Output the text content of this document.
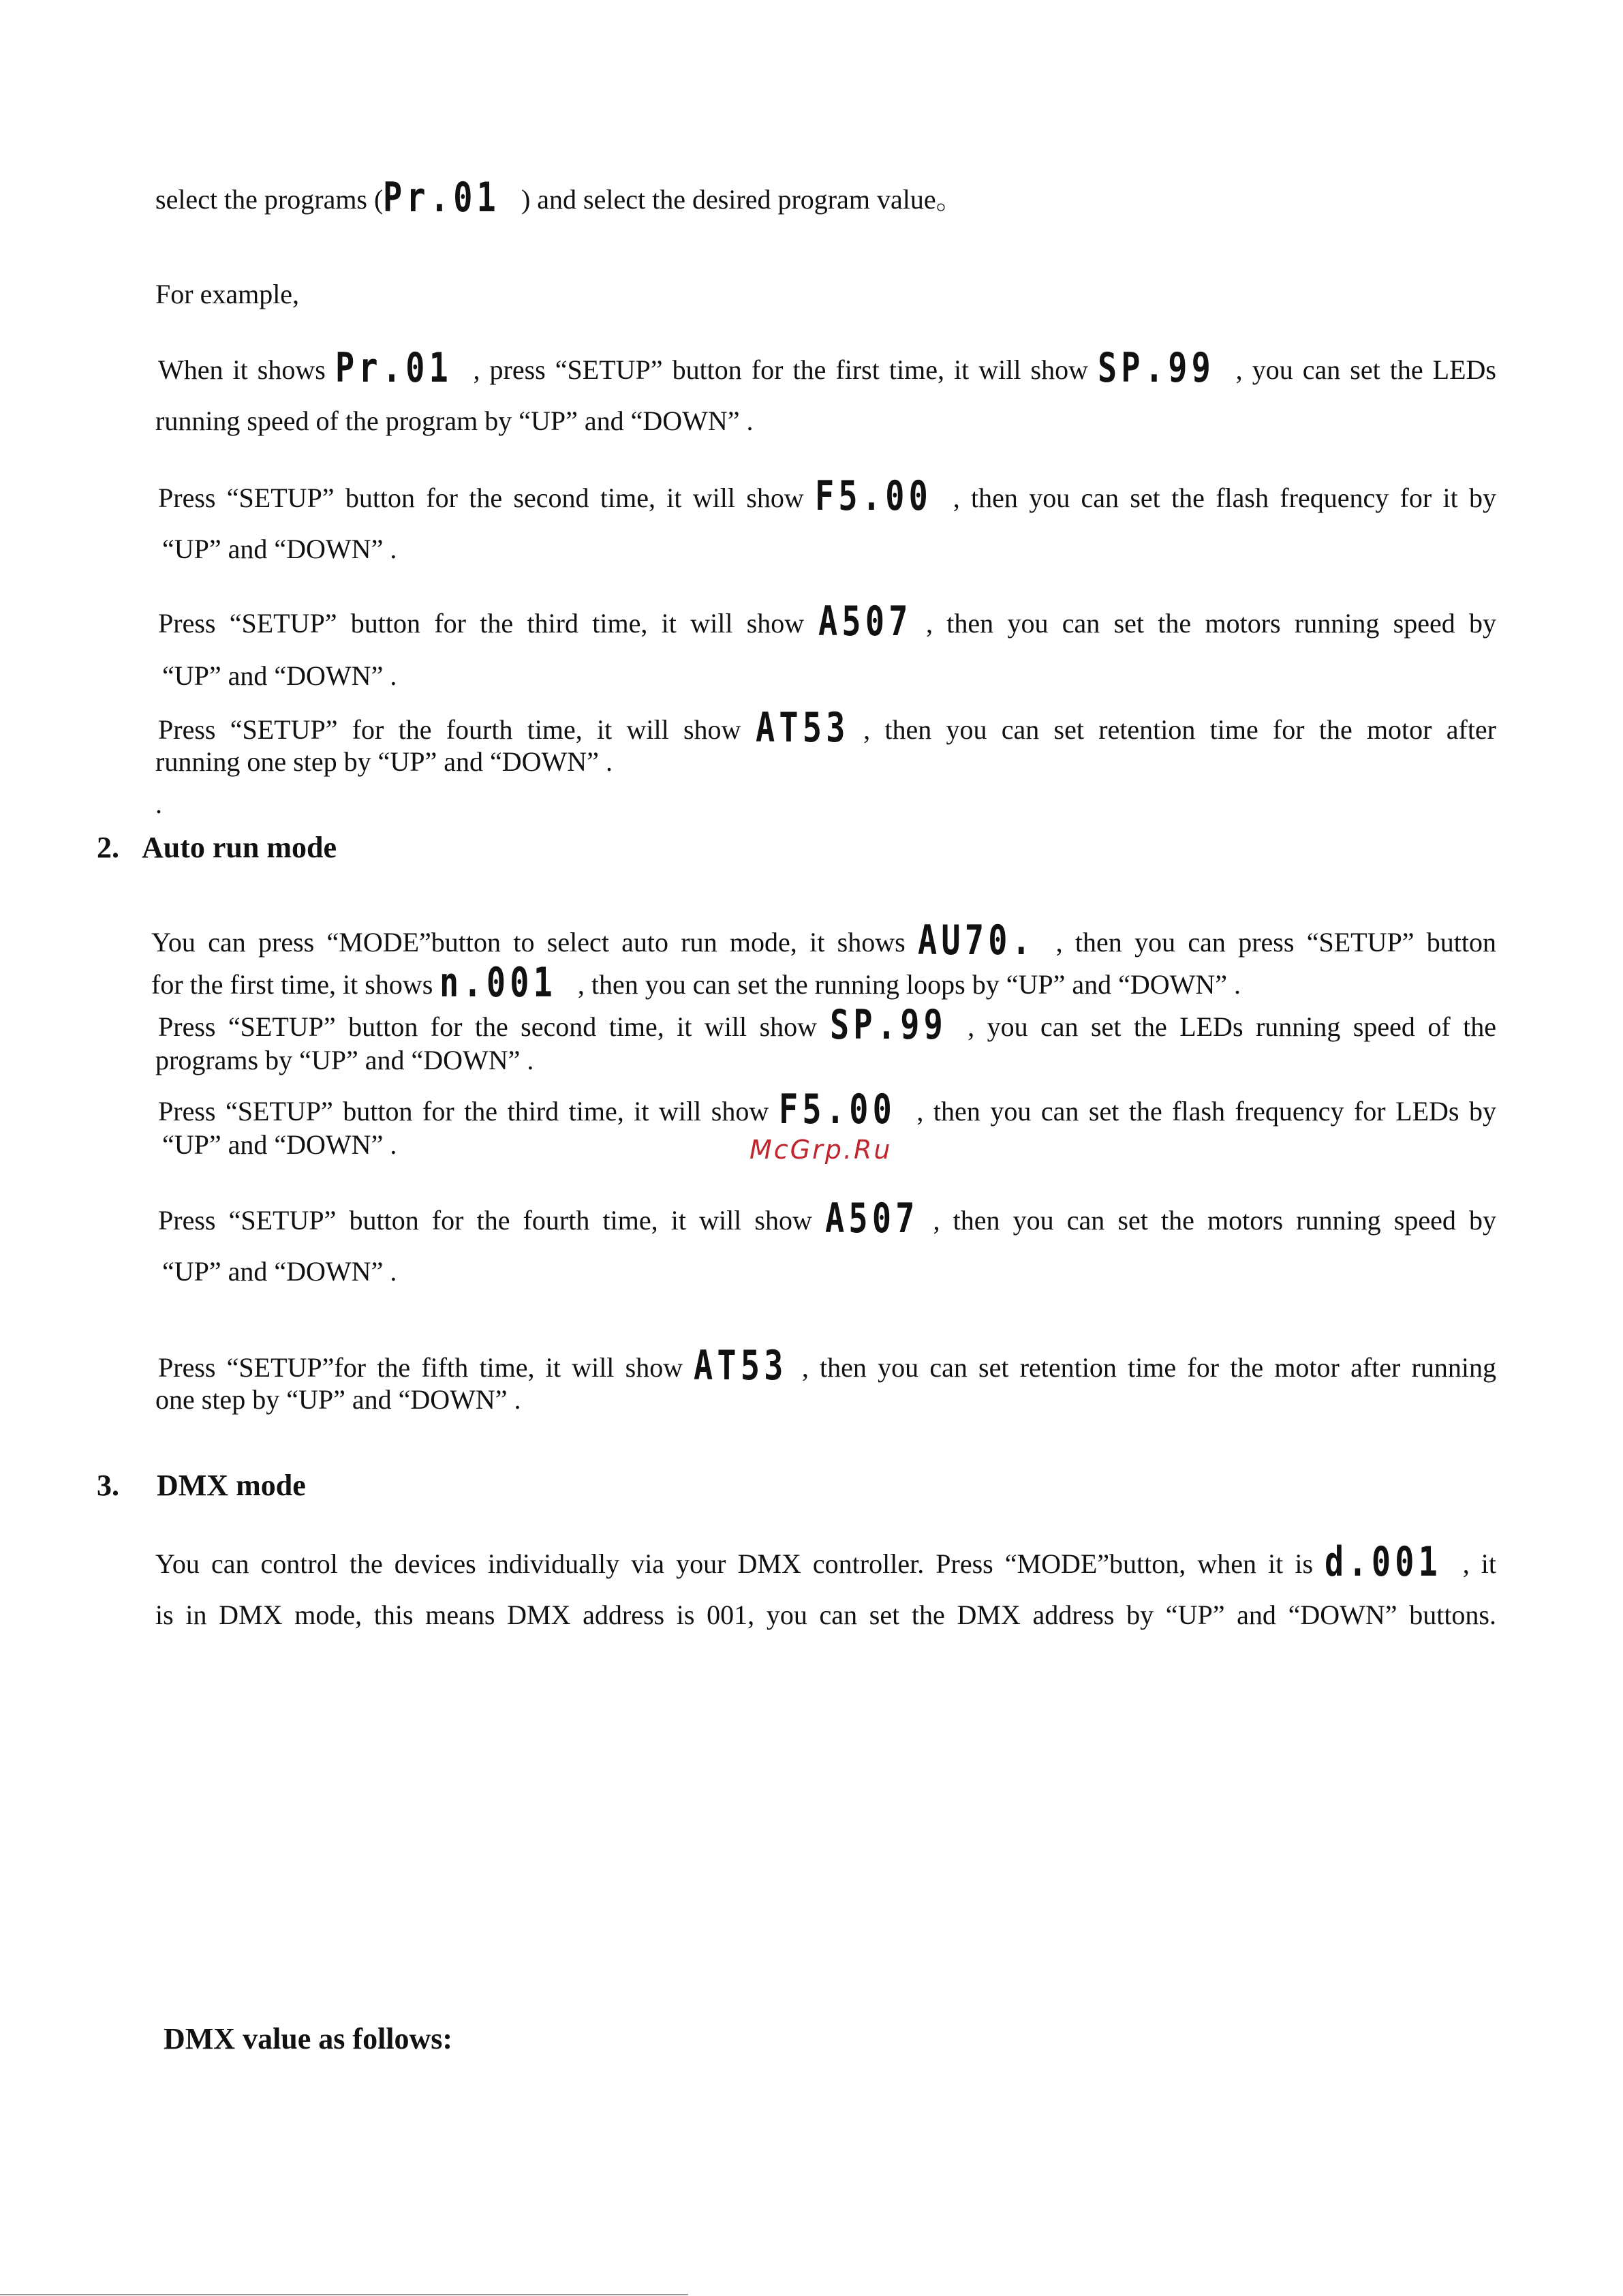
select the programs (Pr.01 ) and select the desired program value。
For example,
When it shows Pr.01 , press “SETUP” button for the first time, it will show SP.99 , you can set the LEDs
running speed of the program by “UP” and “DOWN” .
Press “SETUP” button for the second time, it will show F5.00 , then you can set the flash frequency for it by
“UP” and “DOWN” .
Press “SETUP” button for the third time, it will show A507 , then you can set the motors running speed by
“UP” and “DOWN” .
Press “SETUP” for the fourth time, it will show AT53 , then you can set retention time for the motor after
running one step by “UP” and “DOWN” .
.
2. Auto run mode
You can press “MODE”button to select auto run mode, it shows AU70. , then you can press “SETUP” button
for the first time, it shows n.001 , then you can set the running loops by “UP” and “DOWN” .
Press “SETUP” button for the second time, it will show SP.99 , you can set the LEDs running speed of the
programs by “UP” and “DOWN” .
Press “SETUP” button for the third time, it will show F5.00 , then you can set the flash frequency for LEDs by
“UP” and “DOWN” .	McGrp.Ru
Press “SETUP” button for the fourth time, it will show A507 , then you can set the motors running speed by
“UP” and “DOWN” .
Press “SETUP”for the fifth time, it will show AT53 , then you can set retention time for the motor after running
one step by “UP” and “DOWN” .
3. DMX mode
You can control the devices individually via your DMX controller. Press “MODE”button, when it is d.001 , it
is in DMX mode, this means DMX address is 001, you can set the DMX address by “UP” and “DOWN” buttons.
DMX value as follows:
